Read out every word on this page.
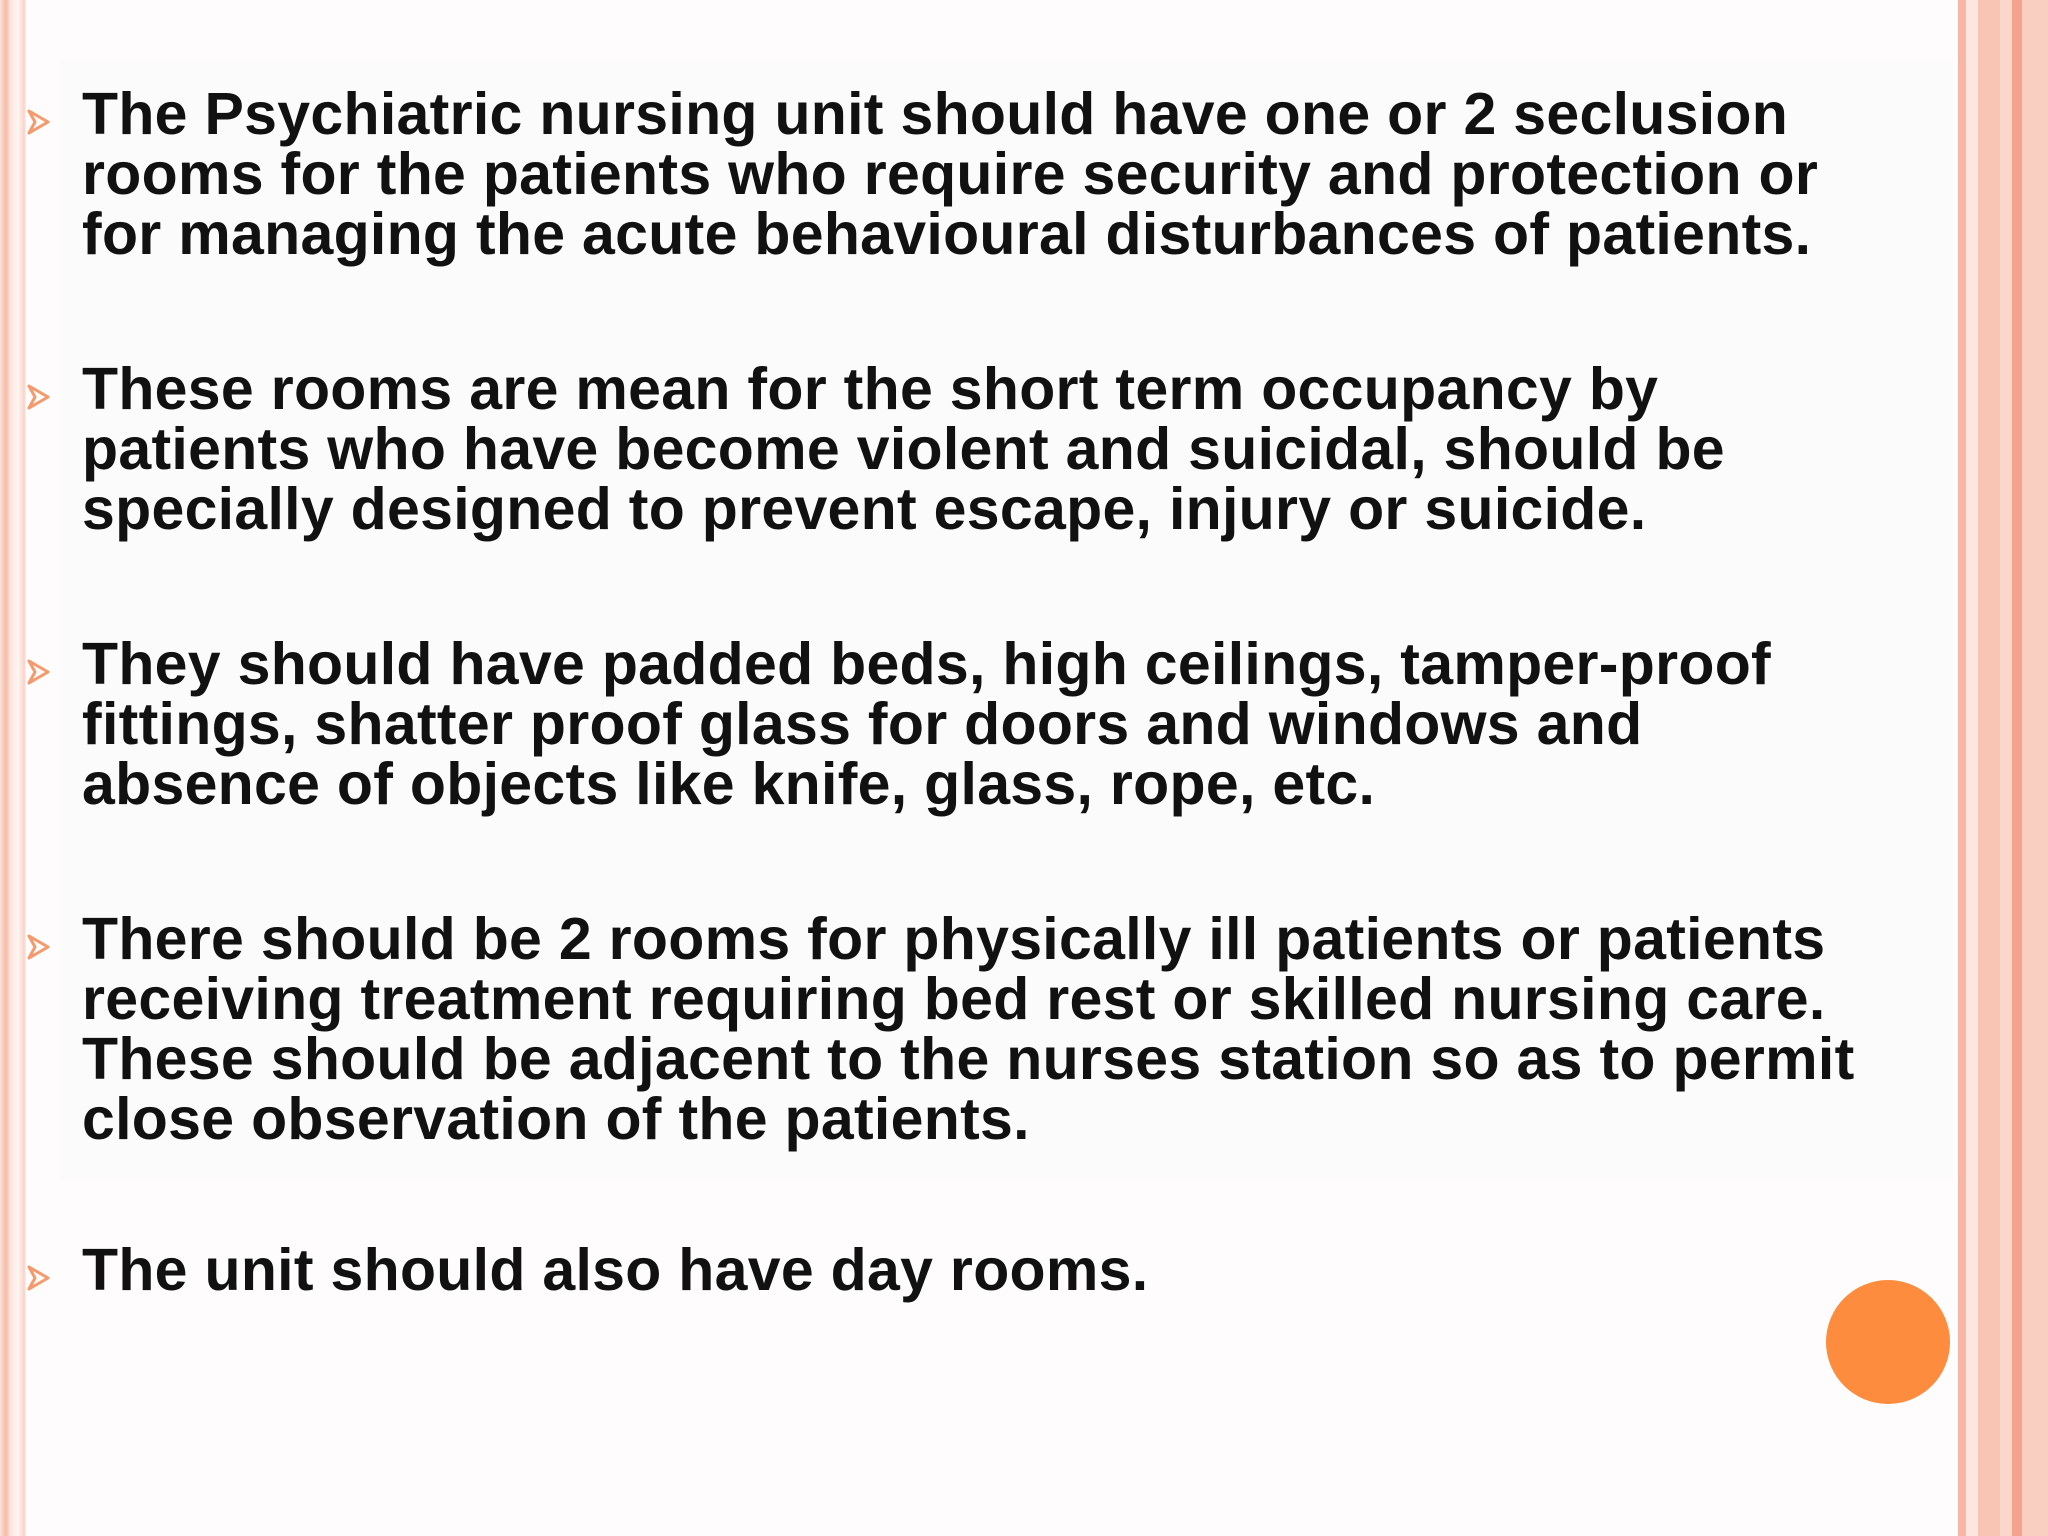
The Psychiatric nursing unit should have one or 2 seclusion
rooms for the patients who require security and protection or
for managing the acute behavioural disturbances of patients.
These rooms are mean for the short term occupancy by
patients who have become violent and suicidal, should be
specially designed to prevent escape, injury or suicide.
They should have padded beds, high ceilings, tamper-proof
fittings, shatter proof glass for doors and windows and
absence of objects like knife, glass, rope, etc.
There should be 2 rooms for physically ill patients or patients
receiving treatment requiring bed rest or skilled nursing care.
These should be adjacent to the nurses station so as to permit
close observation of the patients.
The unit should also have day rooms.
